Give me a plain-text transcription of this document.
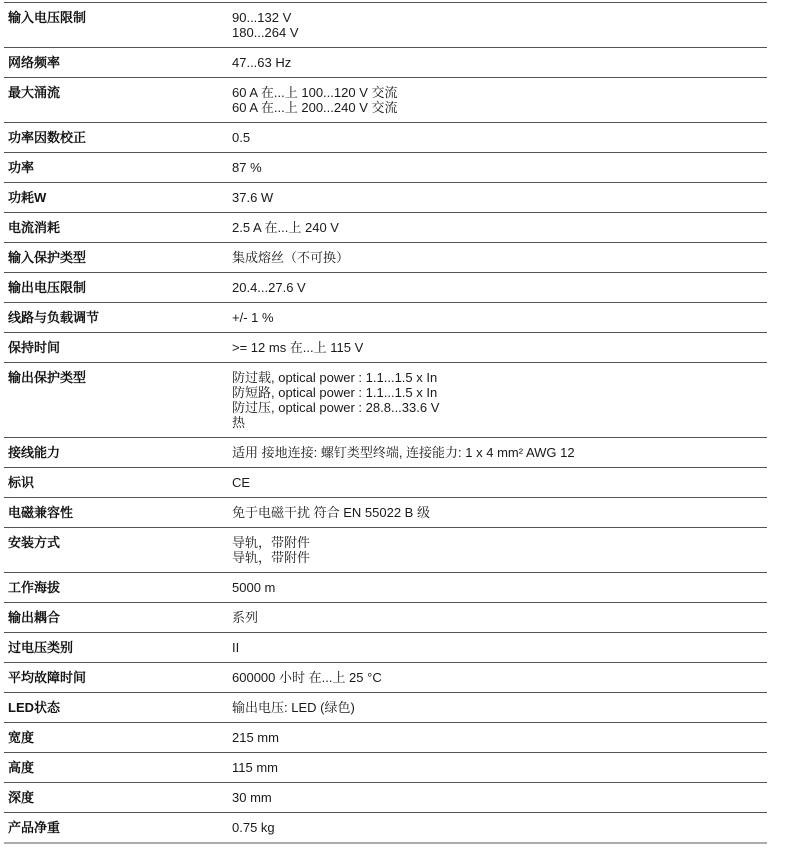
输入电压限制	90...132 V
180...264 V
网络频率	47...63 Hz
最大涌流	60 A 在...上 100...120 V 交流
60 A 在...上 200...240 V 交流
功率因数校正	0.5
功率	87 %
功耗W	37.6 W
电流消耗	2.5 A 在...上 240 V
输入保护类型	集成熔丝（不可换）
输出电压限制	20.4...27.6 V
线路与负载调节	+/- 1 %
保持时间	>= 12 ms 在...上 115 V
输出保护类型	防过载, optical power : 1.1...1.5 x In
防短路, optical power : 1.1...1.5 x In
防过压, optical power : 28.8...33.6 V
热
接线能力	适用 接地连接: 螺钉类型终端, 连接能力: 1 x 4 mm² AWG 12
标识	CE
电磁兼容性	免于电磁干扰 符合 EN 55022 B 级
安装方式	导轨，带附件
导轨，带附件
工作海拔	5000 m
输出耦合	系列
过电压类别	II
平均故障时间	600000 小时 在...上 25 °C
LED状态	输出电压: LED (绿色)
宽度	215 mm
高度	115 mm
深度	30 mm
产品净重	0.75 kg
